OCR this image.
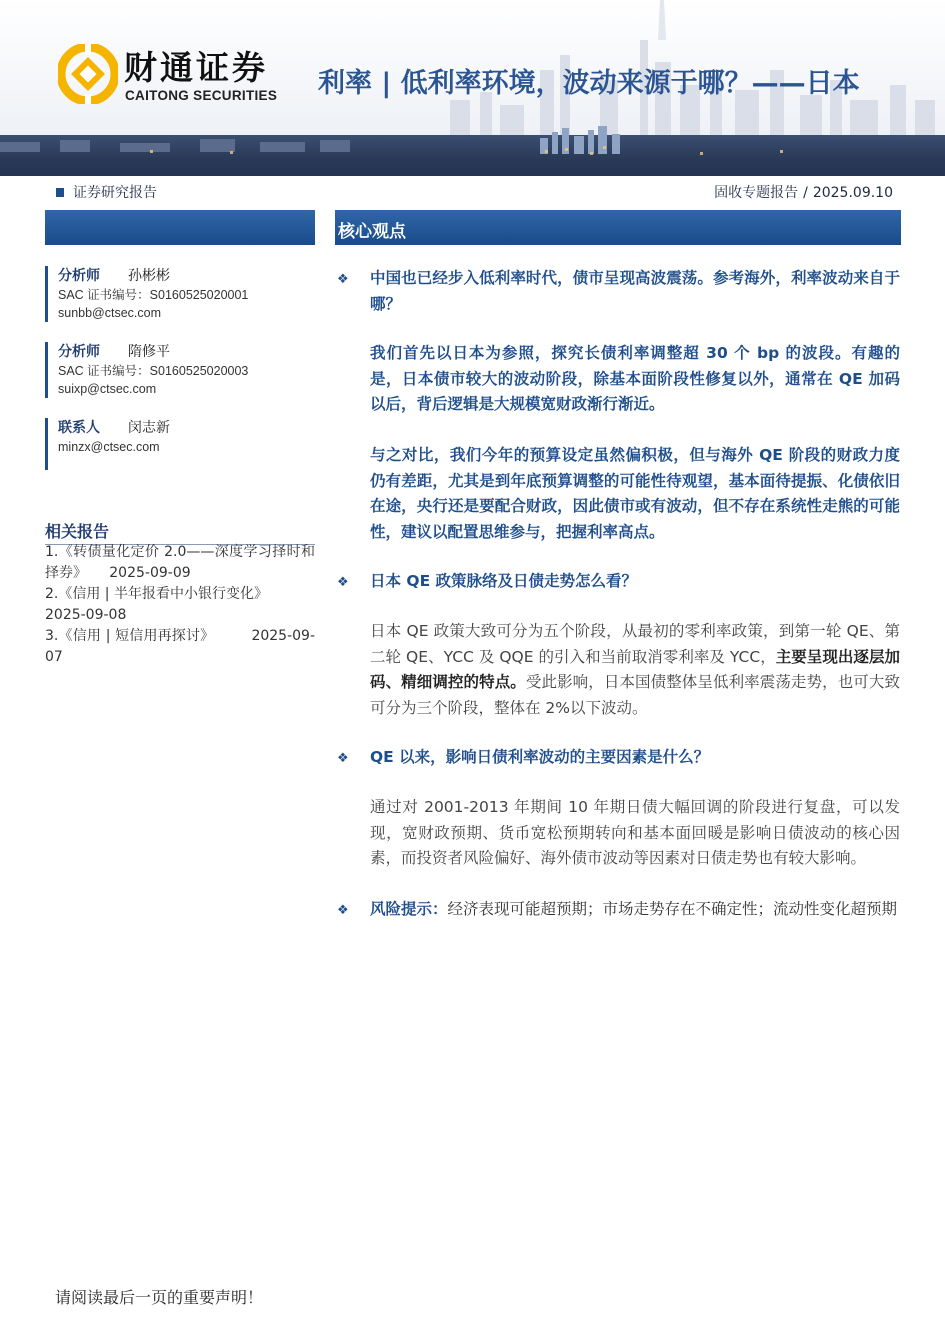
财通证券
CAITONG SECURITIES 利率 | 低利率环境，波动来源于哪？——日本
证券研究报告	固收专题报告 / 2025.09.10
分析师 孙彬彬
SAC 证书编号：S0160525020001
sunbb@ctsec.com
分析师 隋修平
SAC 证书编号：S0160525020003
suixp@ctsec.com
联系人 闵志新
minzx@ctsec.com
相关报告
1.《转债量化定价 2.0——深度学习择时和择券》 2025-09-09
2.《信用 | 半年报看中小银行变化》
2025-09-08
3.《信用 | 短信用再探讨》	2025-09-07
核心观点
❖ 中国也已经步入低利率时代，债市呈现高波震荡。参考海外，利率波动来自于哪？
我们首先以日本为参照，探究长债利率调整超 30 个 bp 的波段。有趣的是，日本债市较大的波动阶段，除基本面阶段性修复以外，通常在 QE 加码以后，背后逻辑是大规模宽财政渐行渐近。
与之对比，我们今年的预算设定虽然偏积极，但与海外 QE 阶段的财政力度仍有差距，尤其是到年底预算调整的可能性待观望，基本面待提振、化债依旧在途，央行还是要配合财政，因此债市或有波动，但不存在系统性走熊的可能性，建议以配置思维参与，把握利率高点。
❖ 日本 QE 政策脉络及日债走势怎么看？
日本 QE 政策大致可分为五个阶段，从最初的零利率政策，到第一轮 QE、第二轮 QE、YCC 及 QQE 的引入和当前取消零利率及 YCC，主要呈现出逐层加码、精细调控的特点。受此影响，日本国债整体呈低利率震荡走势，也可大致可分为三个阶段，整体在 2%以下波动。
❖ QE 以来，影响日债利率波动的主要因素是什么？
通过对 2001-2013 年期间 10 年期日债大幅回调的阶段进行复盘，可以发现，宽财政预期、货币宽松预期转向和基本面回暖是影响日债波动的核心因素，而投资者风险偏好、海外债市波动等因素对日债走势也有较大影响。
❖ 风险提示：经济表现可能超预期；市场走势存在不确定性；流动性变化超预期
请阅读最后一页的重要声明！
